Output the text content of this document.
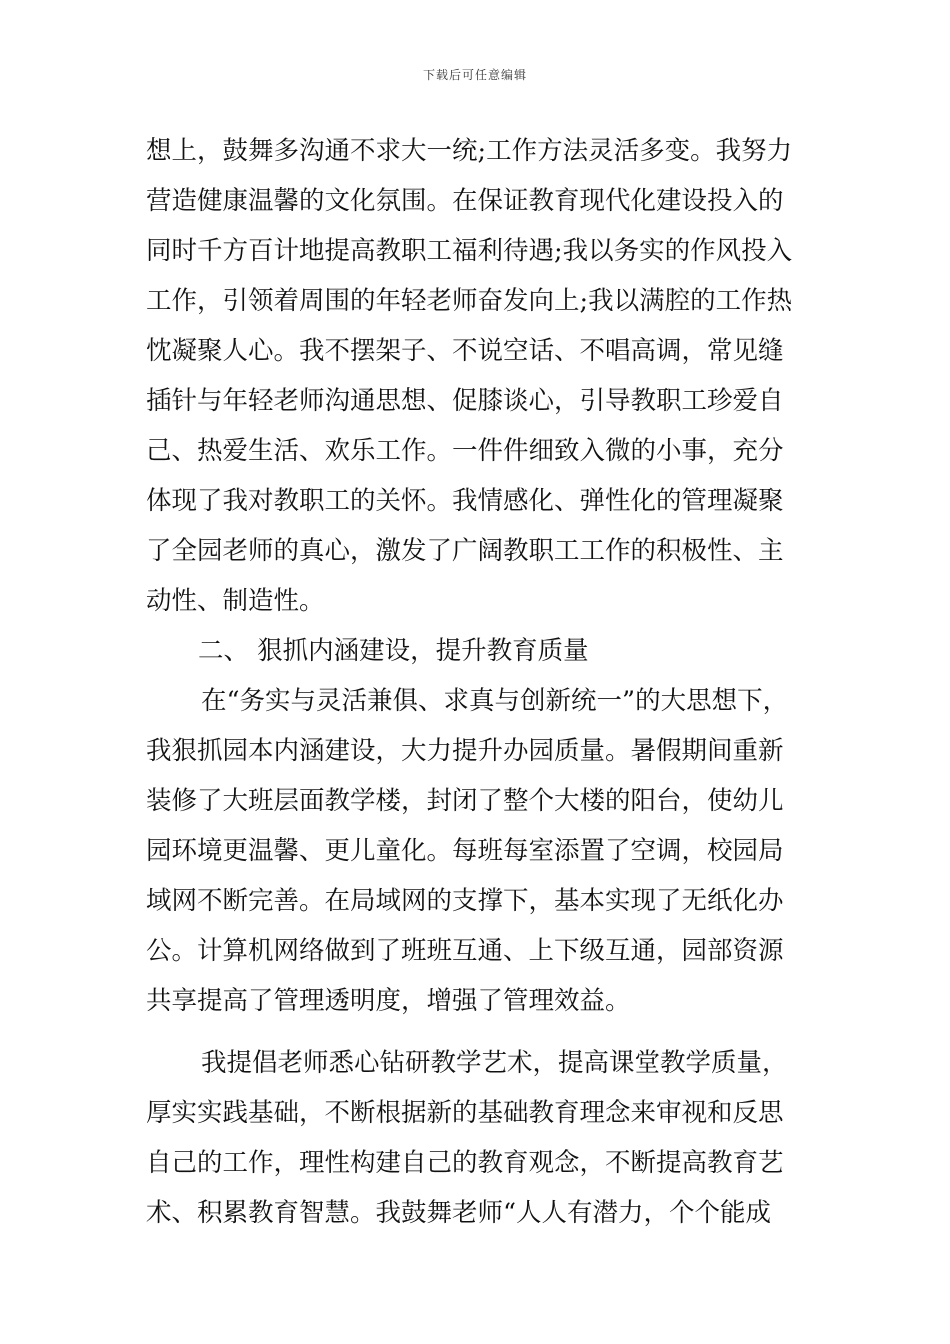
下载后可任意编辑
想上，鼓舞多沟通不求大一统;工作方法灵活多变。我努力
营造健康温馨的文化氛围。在保证教育现代化建设投入的
同时千方百计地提高教职工福利待遇;我以务实的作风投入
工作，引领着周围的年轻老师奋发向上;我以满腔的工作热
忱凝聚人心。我不摆架子、不说空话、不唱高调，常见缝
插针与年轻老师沟通思想、促膝谈心，引导教职工珍爱自
己、热爱生活、欢乐工作。一件件细致入微的小事，充分
体现了我对教职工的关怀。我情感化、弹性化的管理凝聚
了全园老师的真心，激发了广阔教职工工作的积极性、主
动性、制造性。
二、 狠抓内涵建设，提升教育质量
在“务实与灵活兼俱、求真与创新统一”的大思想下，
我狠抓园本内涵建设，大力提升办园质量。暑假期间重新
装修了大班层面教学楼，封闭了整个大楼的阳台，使幼儿
园环境更温馨、更儿童化。每班每室添置了空调，校园局
域网不断完善。在局域网的支撑下，基本实现了无纸化办
公。计算机网络做到了班班互通、上下级互通，园部资源
共享提高了管理透明度，增强了管理效益。
我提倡老师悉心钻研教学艺术，提高课堂教学质量，
厚实实践基础，不断根据新的基础教育理念来审视和反思
自己的工作，理性构建自己的教育观念，不断提高教育艺
术、积累教育智慧。我鼓舞老师“人人有潜力，个个能成
